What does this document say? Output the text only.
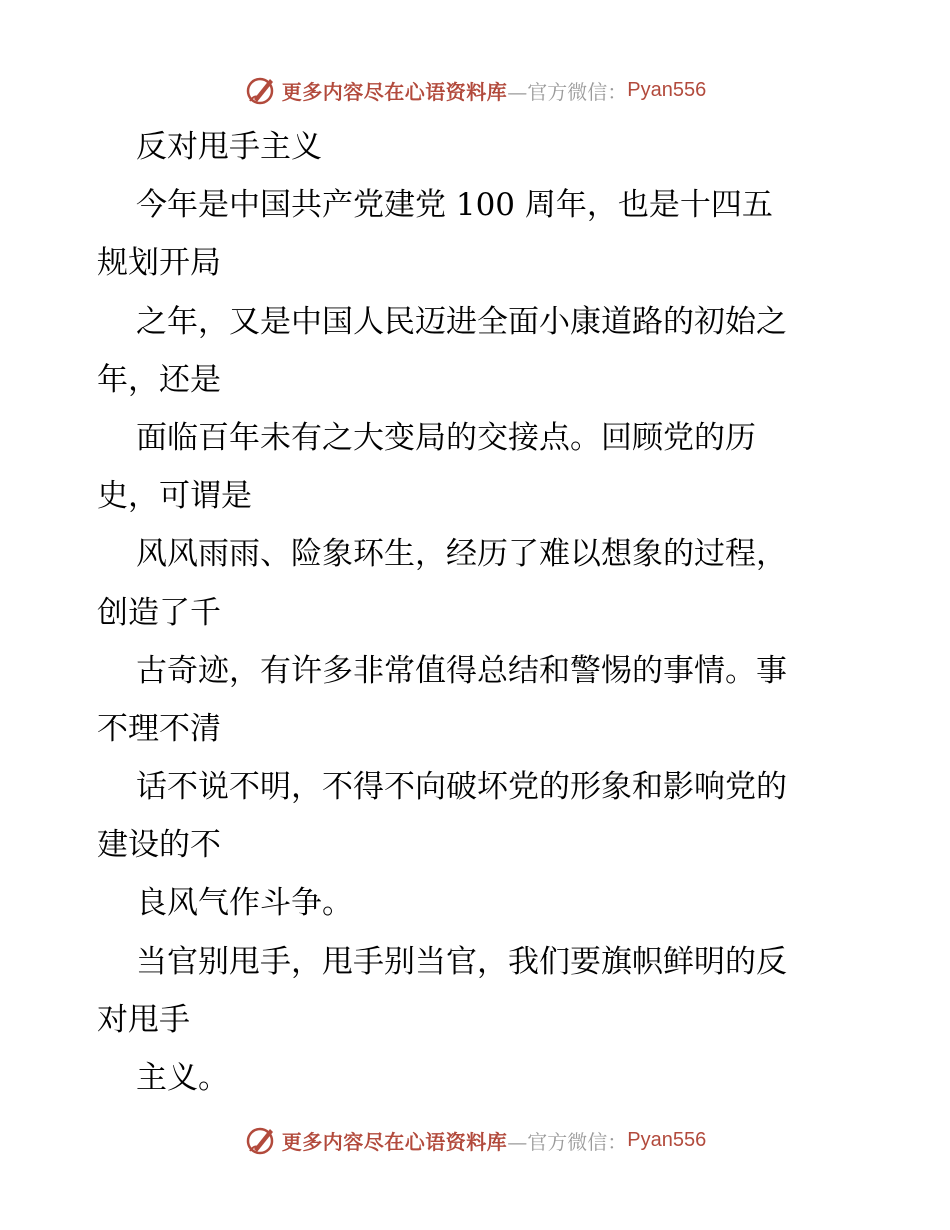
更多内容尽在心语资料库 —官方微信： Pyan556
反对甩手主义
今年是中国共产党建党 100 周年，也是十四五
规划开局
之年，又是中国人民迈进全面小康道路的初始之
年，还是
面临百年未有之大变局的交接点。回顾党的历
史，可谓是
风风雨雨、险象环生，经历了难以想象的过程，
创造了千
古奇迹，有许多非常值得总结和警惕的事情。事
不理不清
话不说不明，不得不向破坏党的形象和影响党的
建设的不
良风气作斗争。
当官别甩手，甩手别当官，我们要旗帜鲜明的反
对甩手
主义。
更多内容尽在心语资料库 —官方微信： Pyan556
